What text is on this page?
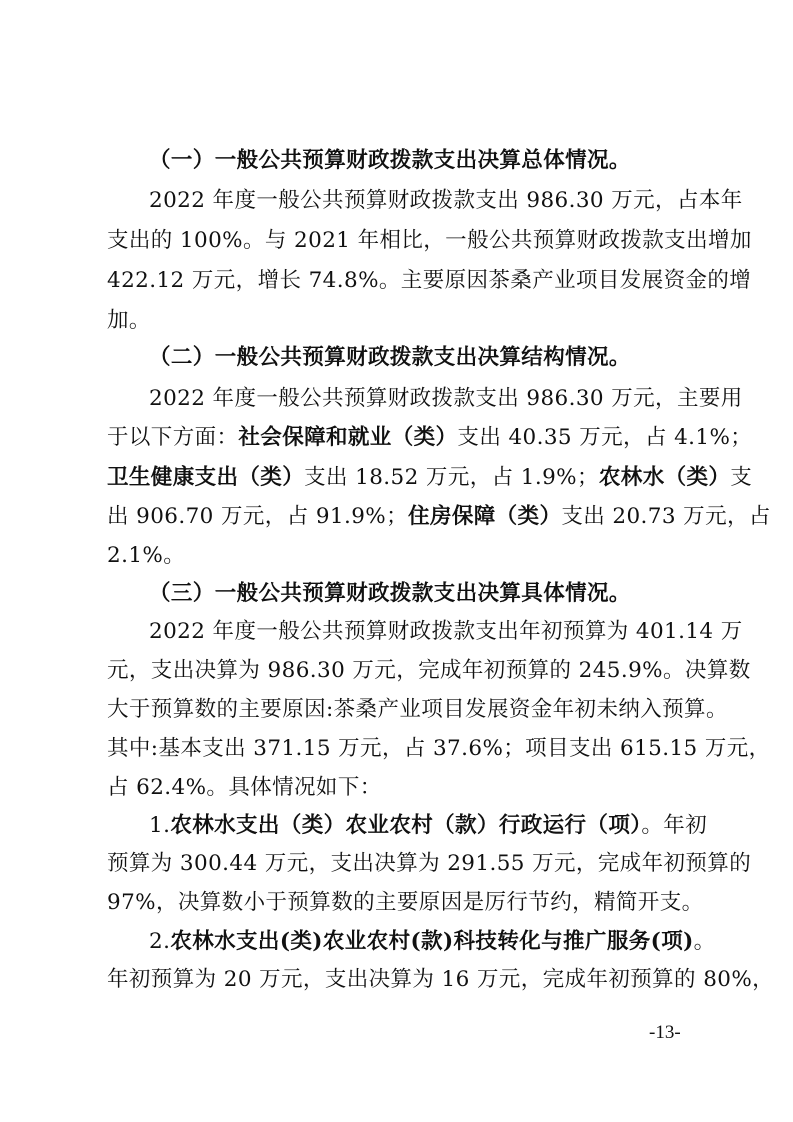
（一）一般公共预算财政拨款支出决算总体情况。
2022 年度一般公共预算财政拨款支出 986.30 万元，占本年
支出的 100%。与 2021 年相比，一般公共预算财政拨款支出增加
422.12 万元，增长 74.8%。主要原因茶桑产业项目发展资金的增
加。
（二）一般公共预算财政拨款支出决算结构情况。
2022 年度一般公共预算财政拨款支出 986.30 万元，主要用
于以下方面：社会保障和就业（类）支出 40.35 万元，占 4.1%；
卫生健康支出（类）支出 18.52 万元，占 1.9%；农林水（类）支
出 906.70 万元，占 91.9%；住房保障（类）支出 20.73 万元，占
2.1%。
（三）一般公共预算财政拨款支出决算具体情况。
2022 年度一般公共预算财政拨款支出年初预算为 401.14 万
元，支出决算为 986.30 万元，完成年初预算的 245.9%。决算数
大于预算数的主要原因:茶桑产业项目发展资金年初未纳入预算。
其中:基本支出 371.15 万元，占 37.6%；项目支出 615.15 万元，
占 62.4%。具体情况如下：
1.农林水支出（类）农业农村（款）行政运行（项）。年初
预算为 300.44 万元，支出决算为 291.55 万元，完成年初预算的
97%，决算数小于预算数的主要原因是厉行节约，精简开支。
2.农林水支出(类)农业农村(款)科技转化与推广服务(项)。
年初预算为 20 万元，支出决算为 16 万元，完成年初预算的 80%，
-13-
